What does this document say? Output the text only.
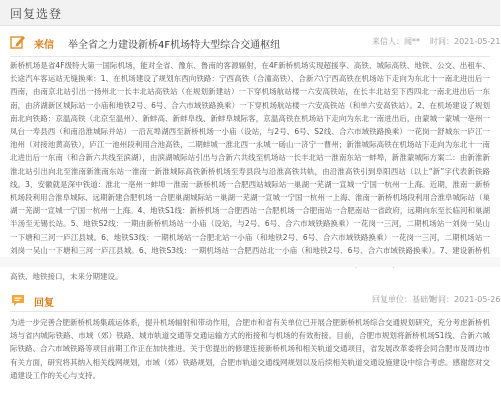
回复选登
来信 举全省之力建设新桥4F机场特大型综合交通枢纽	来信人：闻** 时间：2021-05-21
新桥机场是省4F级特大第一国际机场，能对全省、豫东、鲁南的客源辐射，在4F新桥机场实现超援享、高铁、城际高铁、地铁、公交、出租车、长途汽车客运站无缝换乘：1、在机场建设了规划东西向铁路：宁西高铁（合潼高铁）、合新六\宁西高铁在机场站下走向为东北十一南北进出后一西南，由南京北站引出一扬州北一长丰北站高铁站（在规划新建站）一下穿机场航站楼一六安高铁站，在长丰北站至下西四北一南北进出后一东南，由济湖新区城际站一小庙和地铁2号、6号、合六市域铁路换乘）一下穿机场航站楼一六安高铁站（和单六安高铁站）。2、在机场建设了规划南北向铁路：京温高铁（北京至温州）、新蚌高、新蚌阜线、新蚌阜城际客，京温高铁在机场站下走向为东北一南进出后，由蒙城一蒙城一亳州一凤台一寿县西（和南沿淮城际并站）一沿瓦埠湖西至新桥机场一小庙（设站，与2号、6号、S2线、合六市域铁路换乘）一花岗一舒城东一庐江一池州（对接池黄高铁），庐江一池州段利用合池高铁，二期蚌城一淮北西一永城一砀山一济宁一曹州；新淮城际高铁在机场站下走向为东北十一南北进出后一东南（和合新六共线至滨湖），由滨湖城际站引出与合新六共线至机场站一长丰北站一淮南东站一蚌埠，新淮蒙城际方案二：由新淮新淮北站引出向北至淮南新淮南东站一淮南一新淮城际高铁新桥机场至寿县段与沿淮高铁共轨，由沿淮高铁引到阜阳西站（以上“新”字代表新铁路线。3、安徽就是深中铁道：淮北一亳州一蚌埠一淮南一新桥机场一合肥西站城际站一巢湖一芜湖一宣城一宁国一杭州一上海。近期，淮南一新桥机场段利用合淮阜城际、远期新建合肥机场一合肥巢湖城际站一巢湖一芜湖一宣城一宁国一杭州一上海、淮南一新桥机场段利用合淮阜城际站（巢湖一芜湖一宣城一宁国一杭州一上海。4、地铁S1线：新桥机场一合肥西站一合肥机场一合肥南站一合肥南站一省政府，远期向东至长临河和巢湖半汤至无锡长站。5、地铁S2线：一期由新桥机场站一小庙（设站，与2号、6号、合六市域铁路换乘）一花岗一三河，二期机场站一刘岗一吴山一下塘和三河一庐江县城。6、地铁S3线：一期机场站一合肥北站一小庙（和地铁2号、6号、合六市域铁路换乘）一花岗一三河，二期机场站一刘岗一吴山一下塘和三河一庐江县城。6、地铁S3线：一期机场站一合肥西站北一小庙（和地铁2号、6号、合六市域铁路换乘）。7、建设新桥机 高铁、地铁接口，未来分期建设。
回复	回复单位：基础处
时间：2021-05-26
为进一步完善合肥新桥机场集疏运体系，提升机场辐射和带动作用，合肥市和省有关单位已开展合肥新桥机场综合交通规划研究，充分考虑新桥机场与省内城际铁路、市域（郊）铁路、城市轨道交通等交通运输方式的衔接和与机场的有效衔接。目前，合肥市规划将新桥机场S1线、合新六城际铁路、合六市域铁路等项目前期工作正在加快推进。关于您提出的修建连接新桥机场和相关轨道交通项目，省发展改革委将会同合肥市及周边市有关方面，研究将其纳入相关线网规划，市域（郊）铁路规划，合肥市轨道交通线网规划以及后续相关轨道交通设施建设中综合考虑。感谢您对交通建设工作的关心与支持。
